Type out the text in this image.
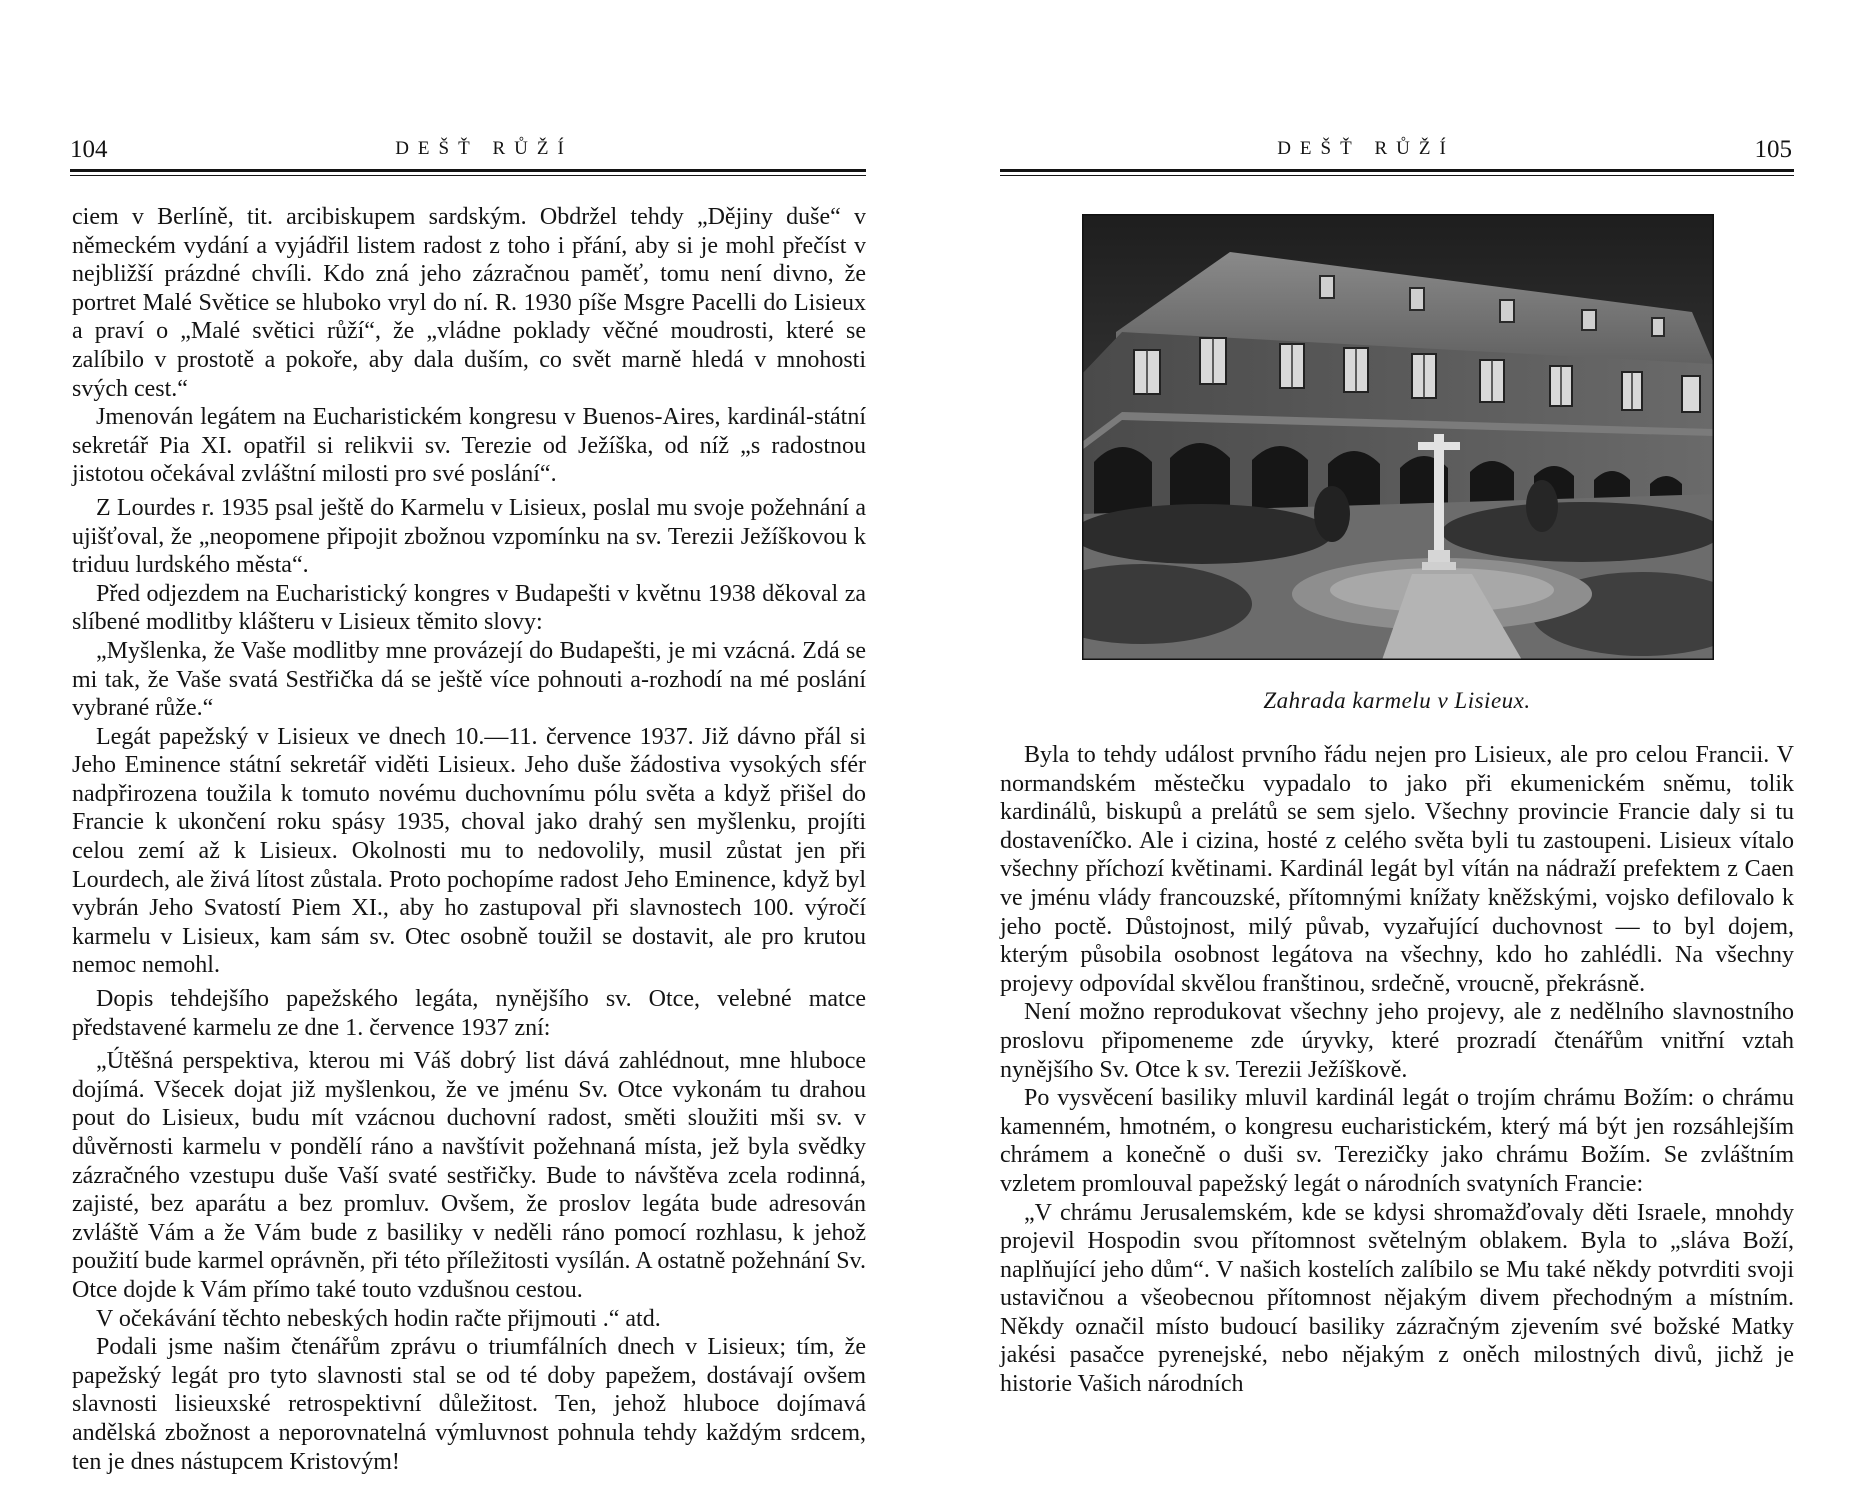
104	DEŠŤ RŮŽÍ

ciem v Berlíně, tit. arcibiskupem sardským. Obdržel tehdy „Dějiny duše“ v německém vydání a vyjádřil listem radost z toho i přání, aby si je mohl přečíst v nejbližší prázdné chvíli. Kdo zná jeho zázračnou paměť, tomu není divno, že portret Malé Světice se hluboko vryl do ní. R. 1930 píše Msgre Pacelli do Lisieux a praví o „Malé světici růží“, že „vládne poklady věčné moudrosti, které se zalíbilo v prostotě a pokoře, aby dala duším, co svět marně hledá v mnohosti svých cest.“

Jmenován legátem na Eucharistickém kongresu v Buenos-Aires, kardinál-státní sekretář Pia XI. opatřil si relikvii sv. Terezie od Ježíška, od níž „s radostnou jistotou očekával zvláštní milosti pro své poslání“.

Z Lourdes r. 1935 psal ještě do Karmelu v Lisieux, poslal mu svoje požehnání a ujišťoval, že „neopomene připojit zbožnou vzpomínku na sv. Terezii Ježíškovou k triduu lurdského města“.

Před odjezdem na Eucharistický kongres v Budapešti v květnu 1938 děkoval za slíbené modlitby klášteru v Lisieux těmito slovy:

„Myšlenka, že Vaše modlitby mne provázejí do Budapešti, je mi vzácná. Zdá se mi tak, že Vaše svatá Sestřička dá se ještě více pohnouti a-rozhodí na mé poslání vybrané růže.“

Legát papežský v Lisieux ve dnech 10.—11. července 1937. Již dávno přál si Jeho Eminence státní sekretář viděti Lisieux. Jeho duše žádostiva vysokých sfér nadpřirozena toužila k tomuto novému duchovnímu pólu světa a když přišel do Francie k ukončení roku spásy 1935, choval jako drahý sen myšlenku, projíti celou zemí až k Lisieux. Okolnosti mu to nedovolily, musil zůstat jen při Lourdech, ale živá lítost zůstala. Proto pochopíme radost Jeho Eminence, když byl vybrán Jeho Svatostí Piem XI., aby ho zastupoval při slavnostech 100. výročí karmelu v Lisieux, kam sám sv. Otec osobně toužil se dostavit, ale pro krutou nemoc nemohl.

Dopis tehdejšího papežského legáta, nynějšího sv. Otce, velebné matce představené karmelu ze dne 1. července 1937 zní:

„Útěšná perspektiva, kterou mi Váš dobrý list dává zahlédnout, mne hluboce dojímá. Všecek dojat již myšlenkou, že ve jménu Sv. Otce vykonám tu drahou pout do Lisieux, budu mít vzácnou duchovní radost, směti sloužiti mši sv. v důvěrnosti karmelu v pondělí ráno a navštívit požehnaná místa, jež byla svědky zázračného vzestupu duše Vaší svaté sestřičky. Bude to návštěva zcela rodinná, zajisté, bez aparátu a bez promluv. Ovšem, že proslov legáta bude adresován zvláště Vám a že Vám bude z basiliky v neděli ráno pomocí rozhlasu, k jehož použití bude karmel oprávněn, při této příležitosti vysílán. A ostatně požehnání Sv. Otce dojde k Vám přímo také touto vzdušnou cestou.

V očekávání těchto nebeských hodin račte přijmouti .“ atd.

Podali jsme našim čtenářům zprávu o triumfálních dnech v Lisieux; tím, že papežský legát pro tyto slavnosti stal se od té doby papežem, dostávají ovšem slavnosti lisieuxské retrospektivní důležitost. Ten, jehož hluboce dojímavá andělská zbožnost a neporovnatelná výmluvnost pohnula tehdy každým srdcem, ten je dnes nástupcem Kristovým!

DEŠŤ RŮŽÍ	105
Zahrada karmelu v Lisieux.

Byla to tehdy událost prvního řádu nejen pro Lisieux, ale pro celou Francii. V normandském městečku vypadalo to jako při ekumenickém sněmu, tolik kardinálů, biskupů a prelátů se sem sjelo. Všechny provincie Francie daly si tu dostaveníčko. Ale i cizina, hosté z celého světa byli tu zastoupeni. Lisieux vítalo všechny příchozí květinami. Kardinál legát byl vítán na nádraží prefektem z Caen ve jménu vlády francouzské, přítomnými knížaty kněžskými, vojsko defilovalo k jeho poctě. Důstojnost, milý půvab, vyzařující duchovnost — to byl dojem, kterým působila osobnost legátova na všechny, kdo ho zahlédli. Na všechny projevy odpovídal skvělou franštinou, srdečně, vroucně, překrásně.

Není možno reprodukovat všechny jeho projevy, ale z nedělního slavnostního proslovu připomeneme zde úryvky, které prozradí čtenářům vnitřní vztah nynějšího Sv. Otce k sv. Terezii Ježíškově.

Po vysvěcení basiliky mluvil kardinál legát o trojím chrámu Božím: o chrámu kamenném, hmotném, o kongresu eucharistickém, který má být jen rozsáhlejším chrámem a konečně o duši sv. Terezičky jako chrámu Božím. Se zvláštním vzletem promlouval papežský legát o národních svatyních Francie:

„V chrámu Jerusalemském, kde se kdysi shromažďovaly děti Israele, mnohdy projevil Hospodin svou přítomnost světelným oblakem. Byla to „sláva Boží, naplňující jeho dům“. V našich kostelích zalíbilo se Mu také někdy potvrditi svoji ustavičnou a všeobecnou přítomnost nějakým divem přechodným a místním. Někdy označil místo budoucí basiliky zázračným zjevením své božské Matky jakési pasačce pyrenejské, nebo nějakým z oněch milostných divů, jichž je historie Vašich národních
